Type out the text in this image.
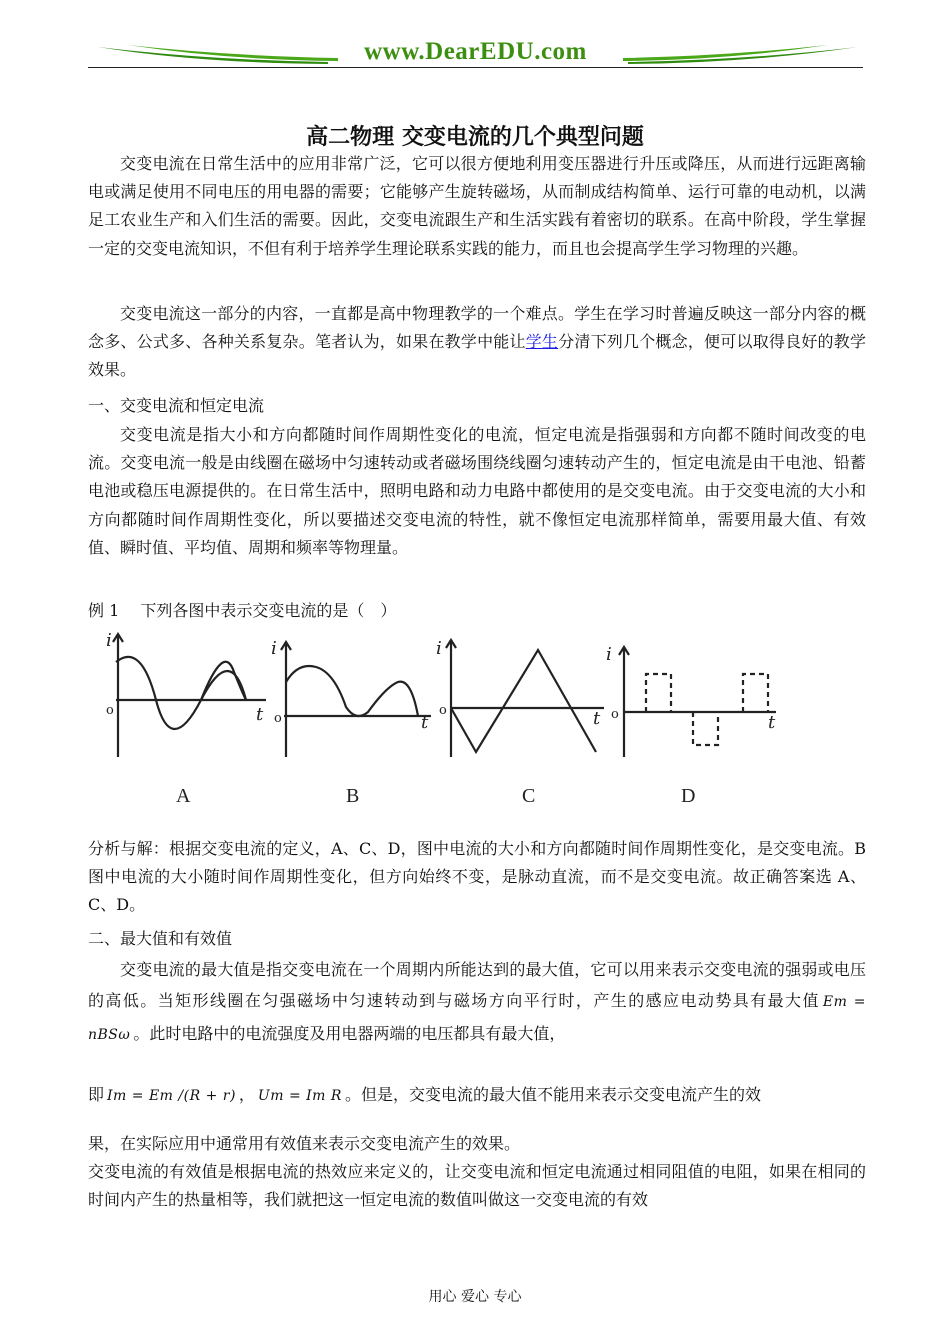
www.DearEDU.com
高二物理 交变电流的几个典型问题

交变电流在日常生活中的应用非常广泛，它可以很方便地利用变压器进行升压或降压，从而进行远距离输电或满足使用不同电压的用电器的需要；它能够产生旋转磁场，从而制成结构简单、运行可靠的电动机，以满足工农业生产和入们生活的需要。因此，交变电流跟生产和生活实践有着密切的联系。在高中阶段，学生掌握一定的交变电流知识，不但有利于培养学生理论联系实践的能力，而且也会提高学生学习物理的兴趣。

交变电流这一部分的内容，一直都是高中物理教学的一个难点。学生在学习时普遍反映这一部分内容的概念多、公式多、各种关系复杂。笔者认为，如果在教学中能让学生分清下列几个概念，便可以取得良好的教学效果。

一、交变电流和恒定电流

交变电流是指大小和方向都随时间作周期性变化的电流，恒定电流是指强弱和方向都不随时间改变的电流。交变电流一般是由线圈在磁场中匀速转动或者磁场围绕线圈匀速转动产生的，恒定电流是由干电池、铅蓄电池或稳压电源提供的。在日常生活中，照明电路和动力电路中都使用的是交变电流。由于交变电流的大小和方向都随时间作周期性变化，所以要描述交变电流的特性，就不像恒定电流那样简单，需要用最大值、有效值、瞬时值、平均值、周期和频率等物理量。

例 1　 下列各图中表示交变电流的是（　）

i	i	i	i
t	t	t	t
o
o
o	o
A	B	C	D

分析与解：根据交变电流的定义，A、C、D，图中电流的大小和方向都随时间作周期性变化，是交变电流。B 图中电流的大小随时间作周期性变化，但方向始终不变，是脉动直流，而不是交变电流。故正确答案选 A、C、D。

二、最大值和有效值

交变电流的最大值是指交变电流在一个周期内所能达到的最大值，它可以用来表示交变电流的强弱或电压的高低。当矩形线圈在匀强磁场中匀速转动到与磁场方向平行时，产生的感应电动势具有最大值 Em = nBSω 。此时电路中的电流强度及用电器两端的电压都具有最大值，

即 Im = Em /(R + r) ， Um = Im R 。但是，交变电流的最大值不能用来表示交变电流产生的效

果，在实际应用中通常用有效值来表示交变电流产生的效果。

交变电流的有效值是根据电流的热效应来定义的，让交变电流和恒定电流通过相同阻值的电阻，如果在相同的时间内产生的热量相等，我们就把这一恒定电流的数值叫做这一交变电流的有效

用心 爱心 专心
